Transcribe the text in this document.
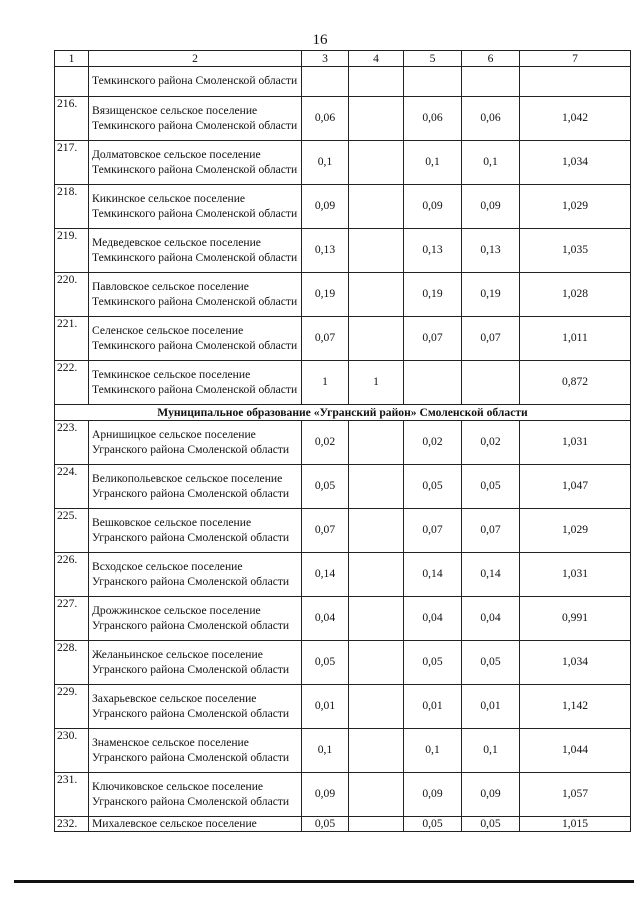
16
1	2	3	4	5	6	7
	Темкинского района Смоленской области					
216.	Вязищенское сельское поселение Темкинского района Смоленской области	0,06		0,06	0,06	1,042
217.	Долматовское сельское поселение Темкинского района Смоленской области	0,1		0,1	0,1	1,034
218.	Кикинское сельское поселение Темкинского района Смоленской области	0,09		0,09	0,09	1,029
219.	Медведевское сельское поселение Темкинского района Смоленской области	0,13		0,13	0,13	1,035
220.	Павловское сельское поселение Темкинского района Смоленской области	0,19		0,19	0,19	1,028
221.	Селенское сельское поселение Темкинского района Смоленской области	0,07		0,07	0,07	1,011
222.	Темкинское сельское поселение Темкинского района Смоленской области	1	1			0,872
Муниципальное образование «Угранский район» Смоленской области						
223.	Арнишицкое сельское поселение Угранского района Смоленской области	0,02		0,02	0,02	1,031
224.	Великопольевское сельское поселение Угранского района Смоленской области	0,05		0,05	0,05	1,047
225.	Вешковское сельское поселение Угранского района Смоленской области	0,07		0,07	0,07	1,029
226.	Всходское сельское поселение Угранского района Смоленской области	0,14		0,14	0,14	1,031
227.	Дрожжинское сельское поселение Угранского района Смоленской области	0,04		0,04	0,04	0,991
228.	Желаньинское сельское поселение Угранского района Смоленской области	0,05		0,05	0,05	1,034
229.	Захарьевское сельское поселение Угранского района Смоленской области	0,01		0,01	0,01	1,142
230.	Знаменское сельское поселение Угранского района Смоленской области	0,1		0,1	0,1	1,044
231.	Ключиковское сельское поселение Угранского района Смоленской области	0,09		0,09	0,09	1,057
232.	Михалевское сельское поселение	0,05		0,05	0,05	1,015
